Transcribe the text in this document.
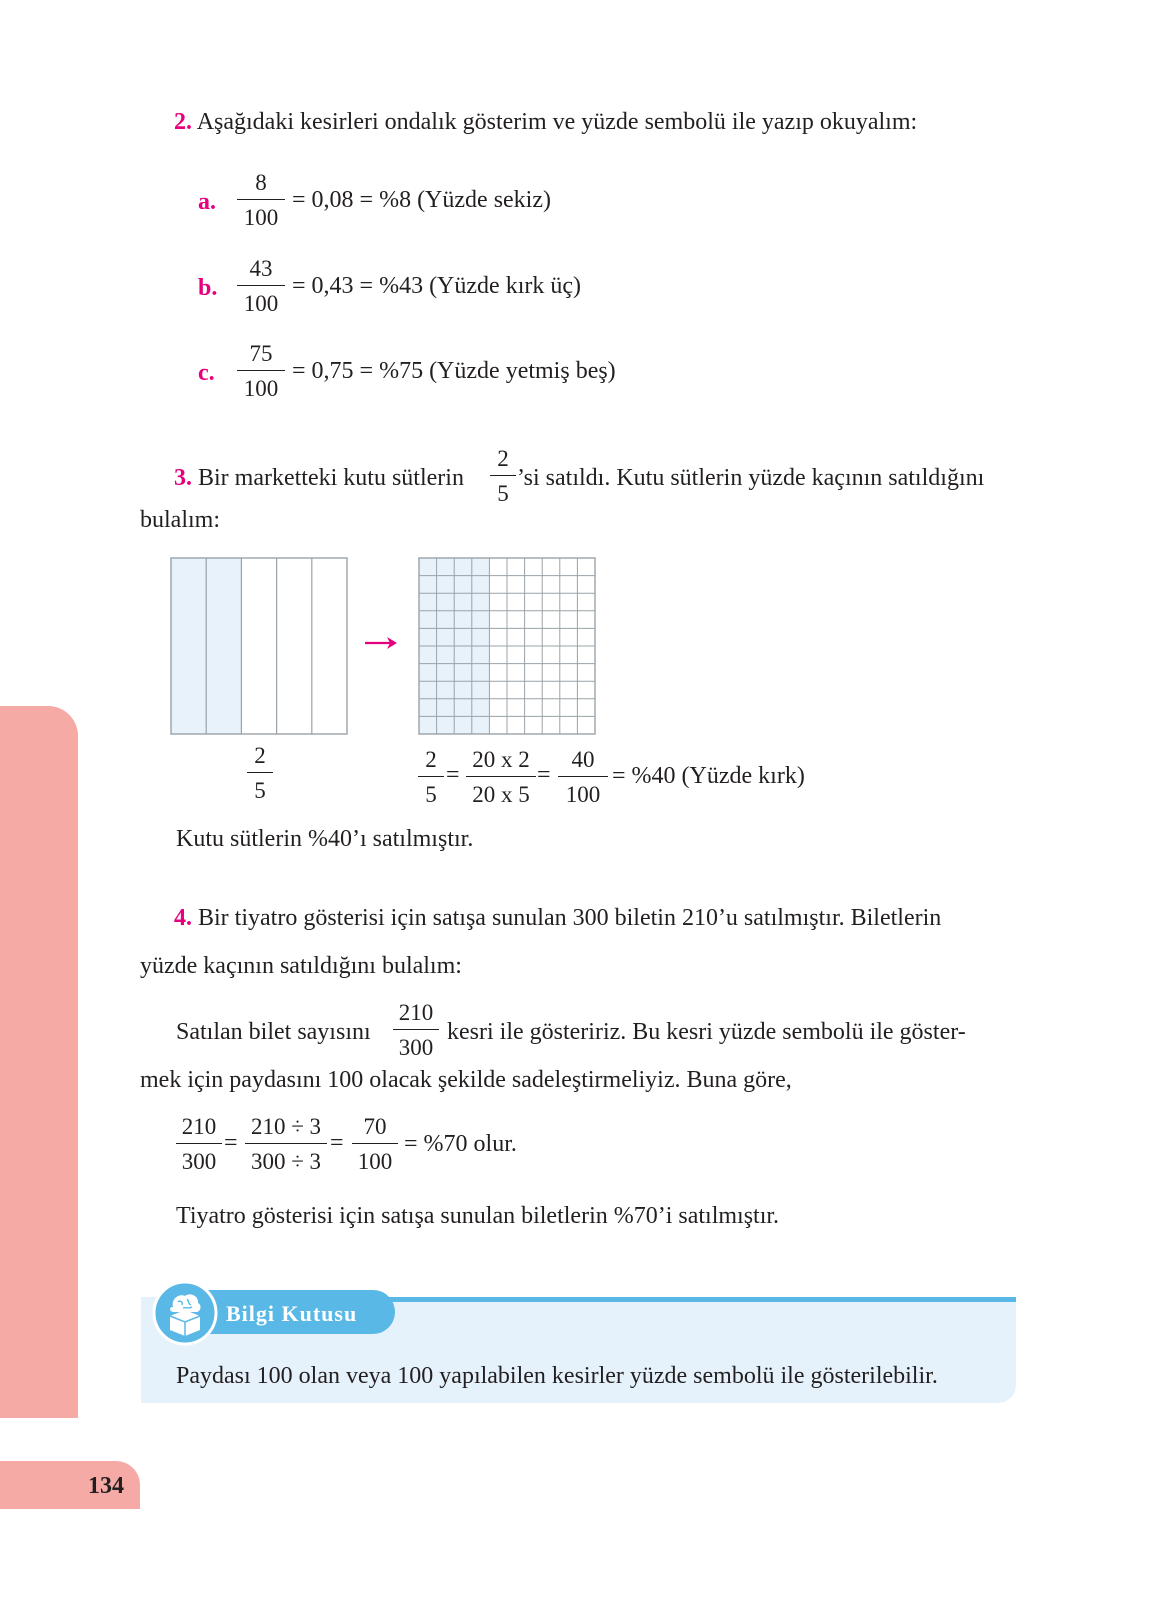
134
2. Aşağıdaki kesirleri ondalık gösterim ve yüzde sembolü ile yazıp okuyalım:
a. $\frac{8}{100} = 0,08 = \%8$ (Yüzde sekiz)
b. $\frac{43}{100} = 0,43 = \%43$ (Yüzde kırk üç)
c. $\frac{75}{100} = 0,75 = \%75$ (Yüzde yetmiş beş)
3. Bir marketteki kutu sütlerin $\frac{2}{5}$ ’si satıldı. Kutu sütlerin yüzde kaçının satıldığını
bulalım:
$\frac{2}{5}$	$\frac{2}{5} = \frac{20 x 2}{20 x 5} = \frac{40}{100} = \%40$ (Yüzde kırk)
Kutu sütlerin %40’ı satılmıştır.
4. Bir tiyatro gösterisi için satışa sunulan 300 biletin 210’u satılmıştır. Biletlerin
yüzde kaçının satıldığını bulalım:
Satılan bilet sayısını $\frac{210}{300}$ kesri ile gösteririz. Bu kesri yüzde sembolü ile göster-
mek için paydasını 100 olacak şekilde sadeleştirmeliyiz. Buna göre,
$\frac{210}{300} = \frac{210 \div 3}{300 \div 3} = \frac{70}{100} = \%70$ olur.
Tiyatro gösterisi için satışa sunulan biletlerin %70’i satılmıştır.
Bilgi Kutusu
Paydası 100 olan veya 100 yapılabilen kesirler yüzde sembolü ile gösterilebilir.
